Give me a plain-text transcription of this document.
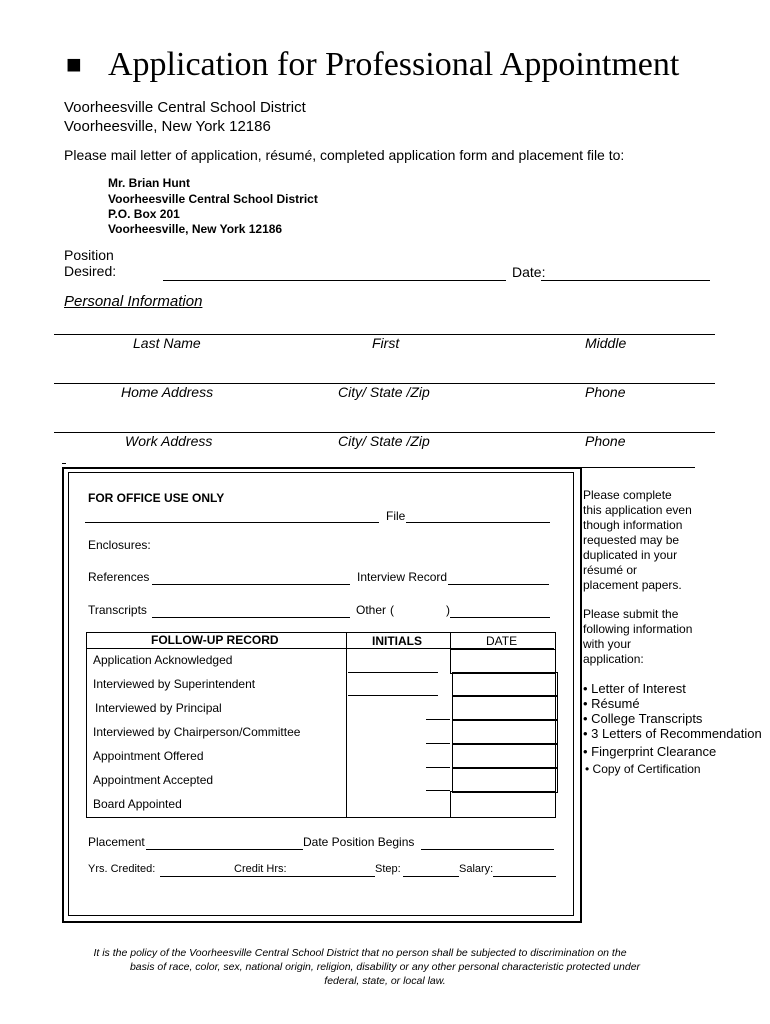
■ Application for Professional Appointment
Voorheesville Central School District
Voorheesville, New York 12186
Please mail letter of application, résumé, completed application form and placement file to:
Mr. Brian Hunt
Voorheesville Central School District
P.O. Box 201
Voorheesville, New York 12186
Position
Desired:	Date:
Personal Information
Last Name	First	Middle
Home Address	City/ State /Zip	Phone
Work Address	City/ State /Zip	Phone
FOR OFFICE USE ONLY
File
Enclosures:
References	Interview Record
Transcripts	Other (	)
FOLLOW-UP RECORD	INITIALS	DATE
Application Acknowledged
Interviewed by Superintendent
Interviewed by Principal
Interviewed by Chairperson/Committee
Appointment Offered
Appointment Accepted
Board Appointed
Placement	Date Position Begins
Yrs. Credited:	Credit Hrs:	Step:	Salary:
Please complete
this application even
though information
requested may be
duplicated in your
résumé or
placement papers.
Please submit the
following information
with your
application:
• Letter of Interest
• Résumé
• College Transcripts
• 3 Letters of Recommendation
• Fingerprint Clearance
• Copy of Certification
It is the policy of the Voorheesville Central School District that no person shall be subjected to discrimination on the
basis of race, color, sex, national origin, religion, disability or any other personal characteristic protected under
federal, state, or local law.
